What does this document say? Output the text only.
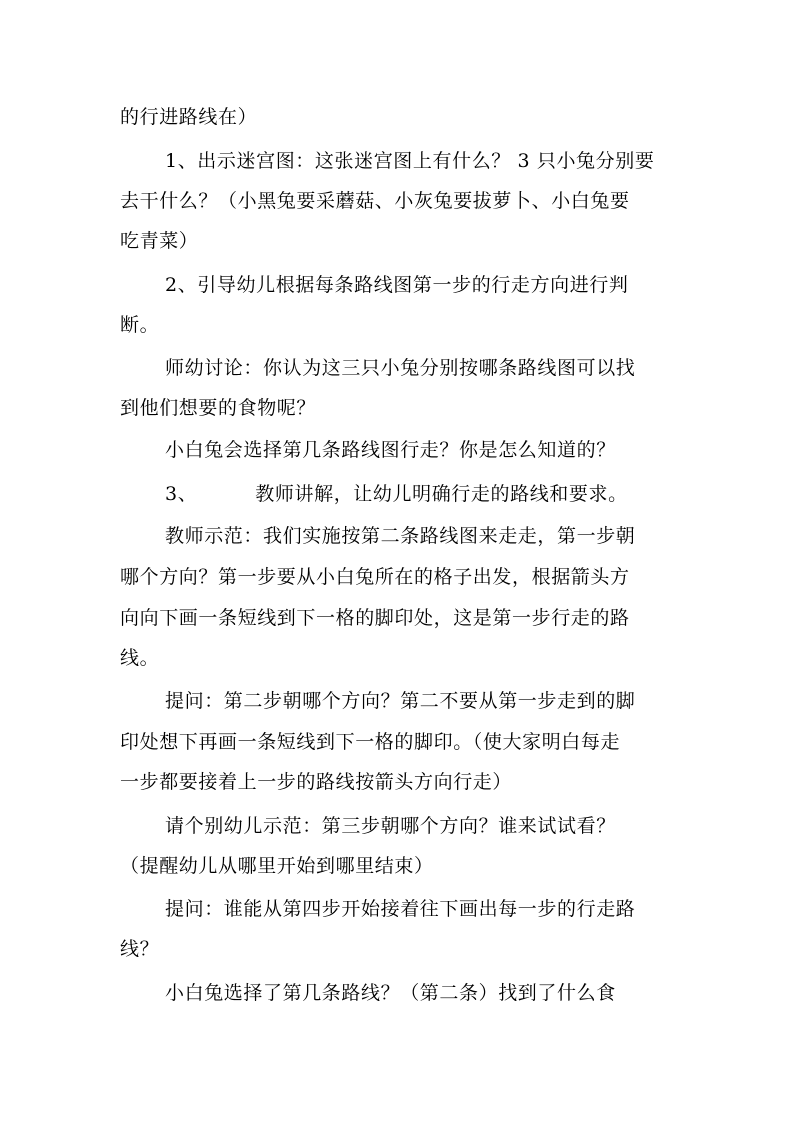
的行进路线在）
1、出示迷宫图：这张迷宫图上有什么？ 3 只小兔分别要
去干什么？（小黑兔要采蘑菇、小灰兔要拔萝卜、小白兔要
吃青菜）
2、引导幼儿根据每条路线图第一步的行走方向进行判
断。
师幼讨论：你认为这三只小兔分别按哪条路线图可以找
到他们想要的食物呢？
小白兔会选择第几条路线图行走？你是怎么知道的？
3、	教师讲解，让幼儿明确行走的路线和要求。
教师示范：我们实施按第二条路线图来走走，第一步朝
哪个方向？第一步要从小白兔所在的格子出发，根据箭头方
向向下画一条短线到下一格的脚印处，这是第一步行走的路
线。
提问：第二步朝哪个方向？第二不要从第一步走到的脚
印处想下再画一条短线到下一格的脚印。（使大家明白每走
一步都要接着上一步的路线按箭头方向行走）
请个别幼儿示范：第三步朝哪个方向？谁来试试看？
（提醒幼儿从哪里开始到哪里结束）
提问：谁能从第四步开始接着往下画出每一步的行走路
线？
小白兔选择了第几条路线？（第二条）找到了什么食
